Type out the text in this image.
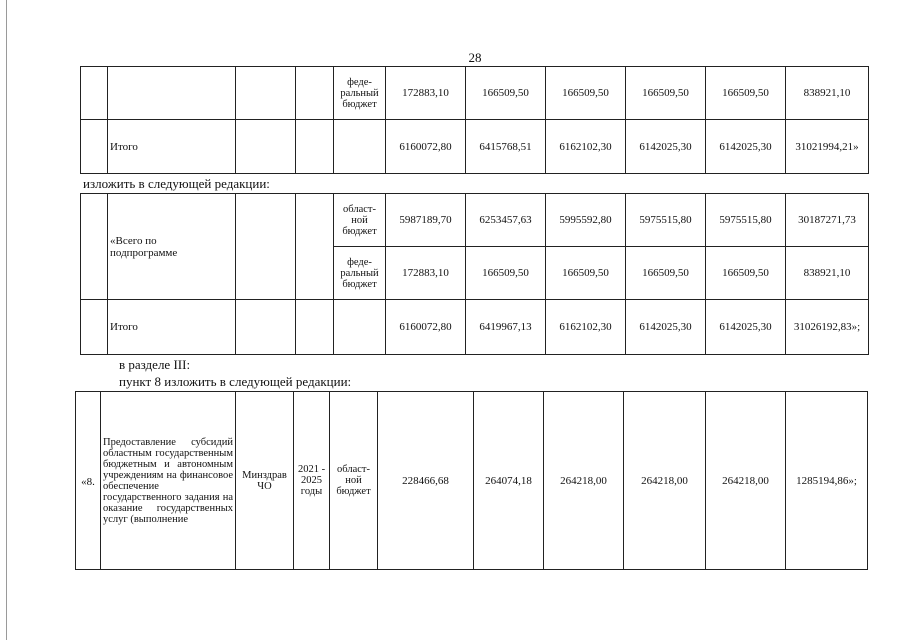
28
				феде-
ральный
бюджет	172883,10	166509,50	166509,50	166509,50	166509,50	838921,10
	Итого				6160072,80	6415768,51	6162102,30	6142025,30	6142025,30	31021994,21»
изложить в следующей редакции:
	«Всего по
подпрограмме			област-
ной
бюджет	5987189,70	6253457,63	5995592,80	5975515,80	5975515,80	30187271,73
				феде-
ральный
бюджет	172883,10	166509,50	166509,50	166509,50	166509,50	838921,10
	Итого				6160072,80	6419967,13	6162102,30	6142025,30	6142025,30	31026192,83»;
в разделе III:
пункт 8 изложить в следующей редакции:
«8.	Предоставление субсидий областным государственным бюджетным и автономным учреждениям на финансовое обеспечение государственного задания на оказание государственных услуг (выполнение	Минздрав
ЧО	2021 -
2025
годы	област-
ной
бюджет	228466,68	264074,18	264218,00	264218,00	264218,00	1285194,86»;
